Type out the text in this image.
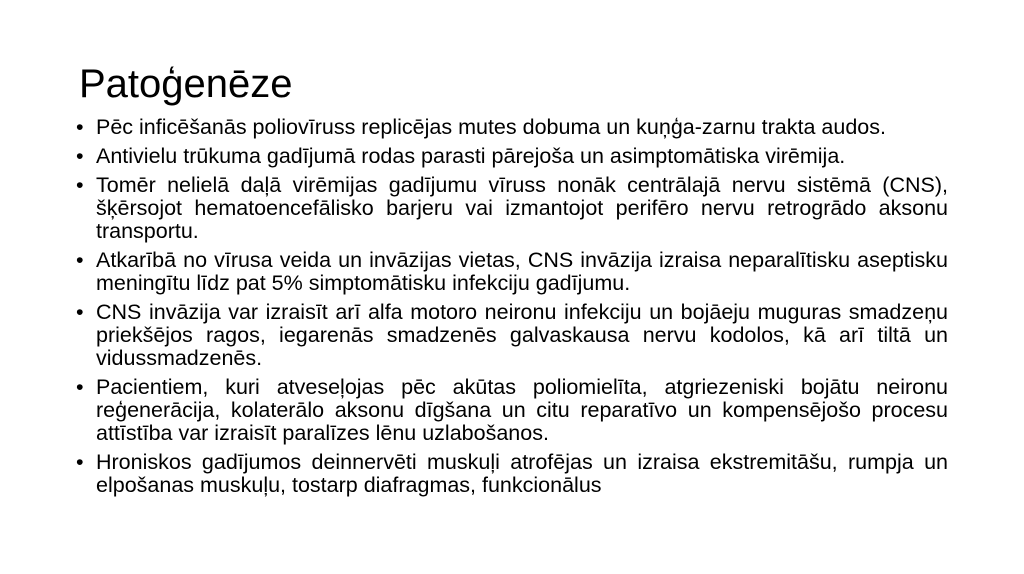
Patoģenēze
• Pēc inficēšanās poliovīruss replicējas mutes dobuma un kuņģa-zarnu trakta audos.
• Antivielu trūkuma gadījumā rodas parasti pārejoša un asimptomātiska virēmija.
• Tomēr nelielā daļā virēmijas gadījumu vīruss nonāk centrālajā nervu sistēmā (CNS), šķērsojot hematoencefālisko barjeru vai izmantojot perifēro nervu retrogrādo aksonu transportu.
• Atkarībā no vīrusa veida un invāzijas vietas, CNS invāzija izraisa neparalītisku aseptisku meningītu līdz pat 5% simptomātisku infekciju gadījumu.
• CNS invāzija var izraisīt arī alfa motoro neironu infekciju un bojāeju muguras smadzeņu priekšējos ragos, iegarenās smadzenēs galvaskausa nervu kodolos, kā arī tiltā un vidussmadzenēs.
• Pacientiem, kuri atveseļojas pēc akūtas poliomielīta, atgriezeniski bojātu neironu reģenerācija, kolaterālo aksonu dīgšana un citu reparatīvo un kompensējošo procesu attīstība var izraisīt paralīzes lēnu uzlabošanos.
• Hroniskos gadījumos deinnervēti muskuļi atrofējas un izraisa ekstremitāšu, rumpja un elpošanas muskuļu, tostarp diafragmas, funkcionālus
